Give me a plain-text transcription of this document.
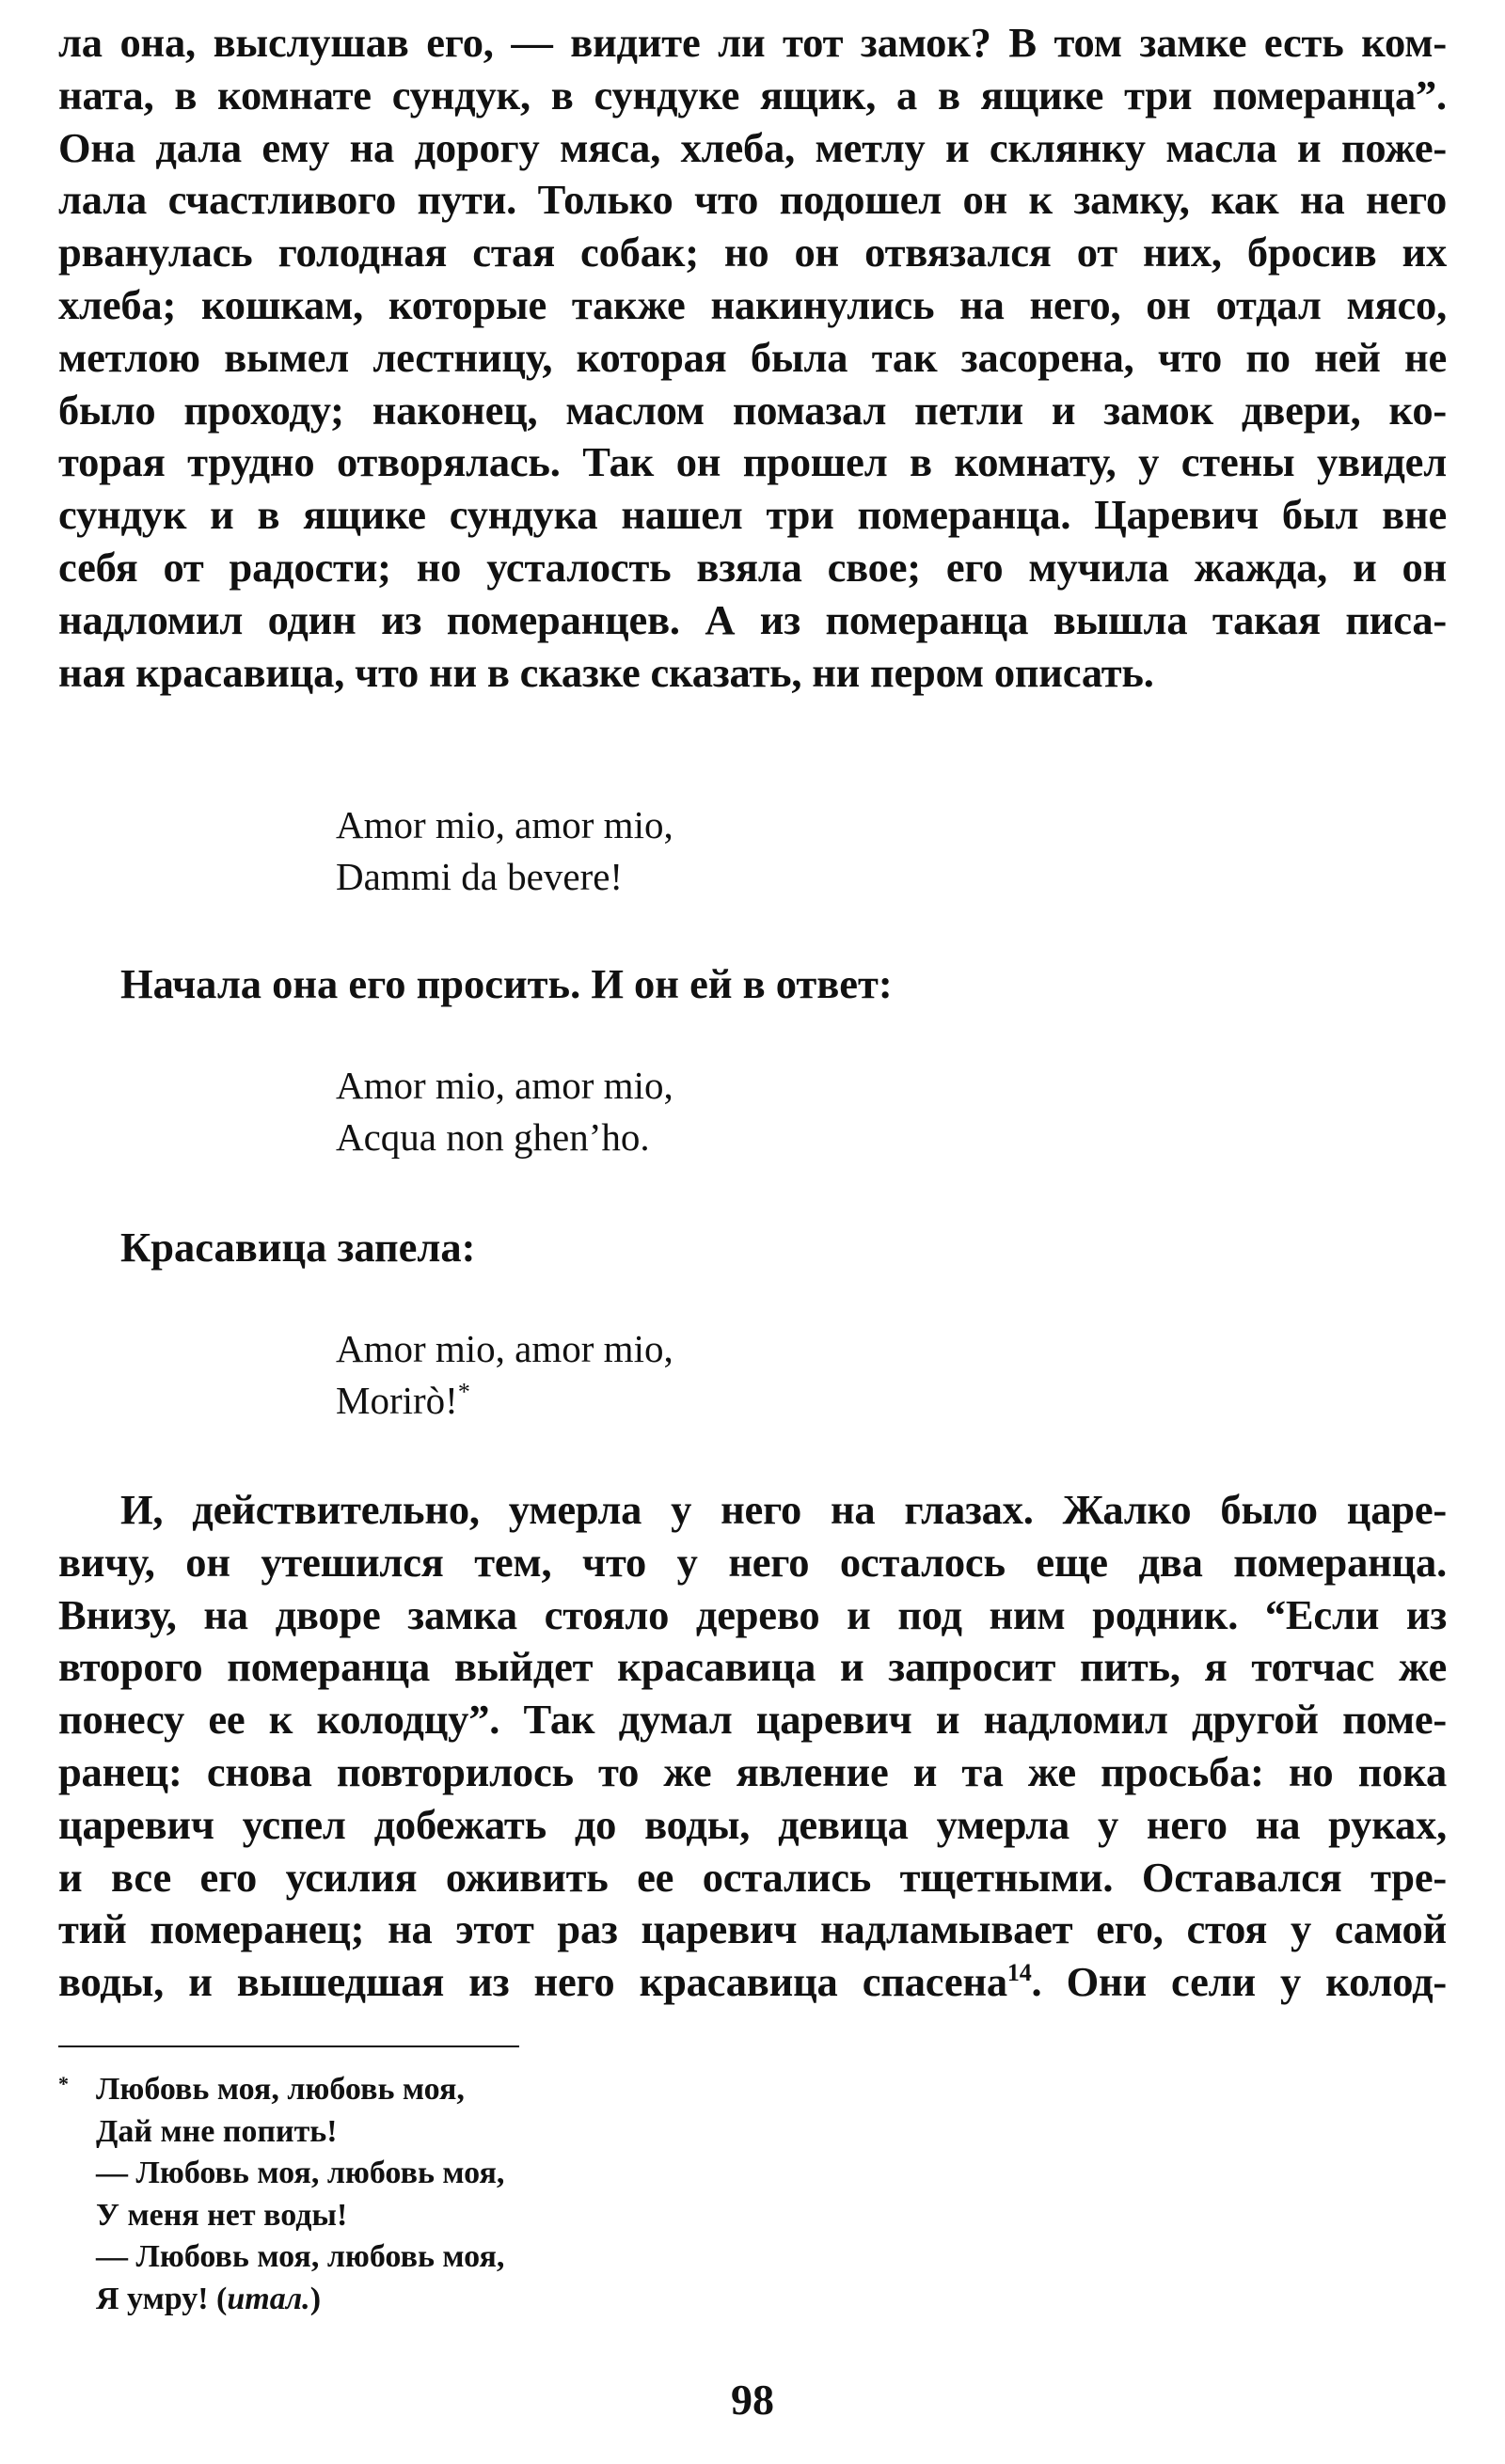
ла она, выслушав его, — видите ли тот замок? В том замке есть ком-
ната, в комнате сундук, в сундуке ящик, а в ящике три померанца”.
Она дала ему на дорогу мяса, хлеба, метлу и склянку масла и поже-
лала счастливого пути. Только что подошел он к замку, как на него
рванулась голодная стая собак; но он отвязался от них, бросив их
хлеба; кошкам, которые также накинулись на него, он отдал мясо,
метлою вымел лестницу, которая была так засорена, что по ней не
было проходу; наконец, маслом помазал петли и замок двери, ко-
торая трудно отворялась. Так он прошел в комнату, у стены увидел
сундук и в ящике сундука нашел три померанца. Царевич был вне
себя от радости; но усталость взяла свое; его мучила жажда, и он
надломил один из померанцев. А из померанца вышла такая писа-
ная красавица, что ни в сказке сказать, ни пером описать.

Amor mio, amor mio,
Dammi da bevere!
Начала она его просить. И он ей в ответ:
Amor mio, amor mio,
Acqua non ghen’ho.
Красавица запела:
Amor mio, amor mio,
Morirò!*

И, действительно, умерла у него на глазах. Жалко было царе-
вичу, он утешился тем, что у него осталось еще два померанца.
Внизу, на дворе замка стояло дерево и под ним родник. “Если из
второго померанца выйдет красавица и запросит пить, я тотчас же
понесу ее к колодцу”. Так думал царевич и надломил другой поме-
ранец: снова повторилось то же явление и та же просьба: но пока
царевич успел добежать до воды, девица умерла у него на руках,
и все его усилия оживить ее остались тщетными. Оставался тре-
тий померанец; на этот раз царевич надламывает его, стоя у самой
воды, и вышедшая из него красавица спасена$^{14}$. Они сели у колод-

* Любовь моя, любовь моя,
Дай мне попить!
— Любовь моя, любовь моя,
У меня нет воды!
— Любовь моя, любовь моя,
Я умру! (итал.)
98
